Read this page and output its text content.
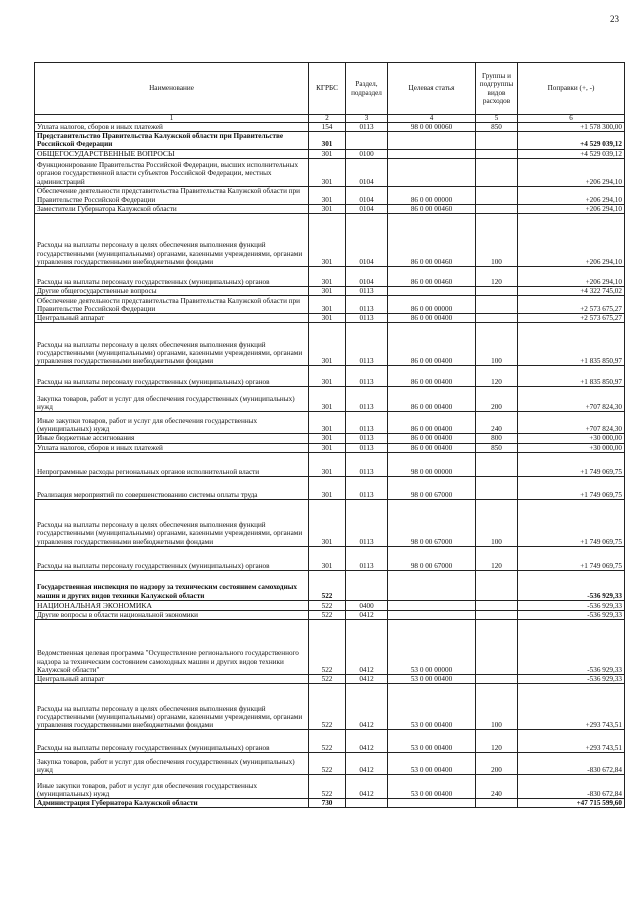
23
Наименование	КГРБС	Раздел, подраздел	Целевая статья	Группы и подгруппы видов расходов	Поправки (+, -)
1	2	3	4	5	6
Уплата налогов, сборов и иных платежей	154	0113	98 0 00 00060	850	+1 578 300,00
Представительство Правительства Калужской области при Правительстве Российской Федерации	301				+4 529 039,12
ОБЩЕГОСУДАРСТВЕННЫЕ ВОПРОСЫ	301	0100			+4 529 039,12
Функционирование Правительства Российской Федерации, высших исполнительных органов государственной власти субъектов Российской Федерации, местных администраций	301	0104			+206 294,10
Обеспечение деятельности представительства Правительства Калужской области при Правительстве Российской Федерации	301	0104	86 0 00 00000		+206 294,10
Заместители Губернатора Калужской области	301	0104	86 0 00 00460		+206 294,10
Расходы на выплаты персоналу в целях обеспечения выполнения функций государственными (муниципальными) органами, казенными учреждениями, органами управления государственными внебюджетными фондами	301	0104	86 0 00 00460	100	+206 294,10
Расходы на выплаты персоналу государственных (муниципальных) органов	301	0104	86 0 00 00460	120	+206 294,10
Другие общегосударственные вопросы	301	0113			+4 322 745,02
Обеспечение деятельности представительства Правительства Калужской области при Правительстве Российской Федерации	301	0113	86 0 00 00000		+2 573 675,27
Центральный аппарат	301	0113	86 0 00 00400		+2 573 675,27
Расходы на выплаты персоналу в целях обеспечения выполнения функций государственными (муниципальными) органами, казенными учреждениями, органами управления государственными внебюджетными фондами	301	0113	86 0 00 00400	100	+1 835 850,97
Расходы на выплаты персоналу государственных (муниципальных) органов	301	0113	86 0 00 00400	120	+1 835 850,97
Закупка товаров, работ и услуг для обеспечения государственных (муниципальных) нужд	301	0113	86 0 00 00400	200	+707 824,30
Иные закупки товаров, работ и услуг для обеспечения государственных (муниципальных) нужд	301	0113	86 0 00 00400	240	+707 824,30
Иные бюджетные ассигнования	301	0113	86 0 00 00400	800	+30 000,00
Уплата налогов, сборов и иных платежей	301	0113	86 0 00 00400	850	+30 000,00
Непрограммные расходы региональных органов исполнительной власти	301	0113	98 0 00 00000		+1 749 069,75
Реализация мероприятий по совершенствованию системы оплаты труда	301	0113	98 0 00 67000		+1 749 069,75
Расходы на выплаты персоналу в целях обеспечения выполнения функций государственными (муниципальными) органами, казенными учреждениями, органами управления государственными внебюджетными фондами	301	0113	98 0 00 67000	100	+1 749 069,75
Расходы на выплаты персоналу государственных (муниципальных) органов	301	0113	98 0 00 67000	120	+1 749 069,75
Государственная инспекция по надзору за техническим состоянием самоходных машин и других видов техники Калужской области	522				-536 929,33
НАЦИОНАЛЬНАЯ ЭКОНОМИКА	522	0400			-536 929,33
Другие вопросы в области национальной экономики	522	0412			-536 929,33
Ведомственная целевая программа "Осуществление регионального государственного надзора за техническим состоянием самоходных машин и других видов техники Калужской области"	522	0412	53 0 00 00000		-536 929,33
Центральный аппарат	522	0412	53 0 00 00400		-536 929,33
Расходы на выплаты персоналу в целях обеспечения выполнения функций государственными (муниципальными) органами, казенными учреждениями, органами управления государственными внебюджетными фондами	522	0412	53 0 00 00400	100	+293 743,51
Расходы на выплаты персоналу государственных (муниципальных) органов	522	0412	53 0 00 00400	120	+293 743,51
Закупка товаров, работ и услуг для обеспечения государственных (муниципальных) нужд	522	0412	53 0 00 00400	200	-830 672,84
Иные закупки товаров, работ и услуг для обеспечения государственных (муниципальных) нужд	522	0412	53 0 00 00400	240	-830 672,84
Администрация Губернатора Калужской области	730				+47 715 599,60
